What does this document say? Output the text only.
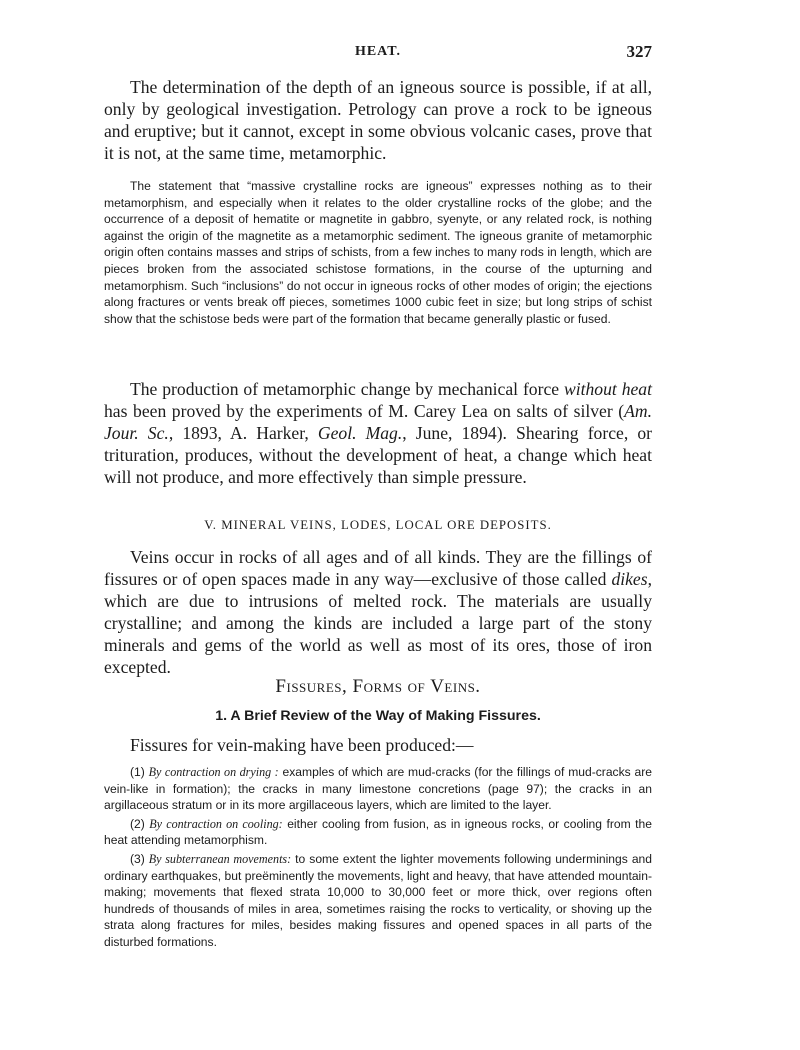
HEAT.	327

The determination of the depth of an igneous source is possible, if at all, only by geological investigation. Petrology can prove a rock to be igneous and eruptive; but it cannot, except in some obvious volcanic cases, prove that it is not, at the same time, metamorphic.

The statement that “massive crystalline rocks are igneous” expresses nothing as to their metamorphism, and especially when it relates to the older crystalline rocks of the globe; and the occurrence of a deposit of hematite or magnetite in gabbro, syenyte, or any related rock, is nothing against the origin of the magnetite as a metamorphic sediment. The igneous granite of metamorphic origin often contains masses and strips of schists, from a few inches to many rods in length, which are pieces broken from the associated schistose formations, in the course of the upturning and metamorphism. Such “inclusions” do not occur in igneous rocks of other modes of origin; the ejections along fractures or vents break off pieces, sometimes 1000 cubic feet in size; but long strips of schist show that the schistose beds were part of the formation that became generally plastic or fused.

The production of metamorphic change by mechanical force without heat has been proved by the experiments of M. Carey Lea on salts of silver (Am. Jour. Sc., 1893, A. Harker, Geol. Mag., June, 1894). Shearing force, or trituration, produces, without the development of heat, a change which heat will not produce, and more effectively than simple pressure.

V. MINERAL VEINS, LODES, LOCAL ORE DEPOSITS.

Veins occur in rocks of all ages and of all kinds. They are the fillings of fissures or of open spaces made in any way—exclusive of those called dikes, which are due to intrusions of melted rock. The materials are usually crystalline; and among the kinds are included a large part of the stony minerals and gems of the world as well as most of its ores, those of iron excepted.

Fissures, Forms of Veins.
1. A Brief Review of the Way of Making Fissures.

Fissures for vein-making have been produced:—

(1) By contraction on drying : examples of which are mud-cracks (for the fillings of mud-cracks are vein-like in formation); the cracks in many limestone concretions (page 97); the cracks in an argillaceous stratum or in its more argillaceous layers, which are limited to the layer.

(2) By contraction on cooling: either cooling from fusion, as in igneous rocks, or cooling from the heat attending metamorphism.

(3) By subterranean movements: to some extent the lighter movements following underminings and ordinary earthquakes, but preëminently the movements, light and heavy, that have attended mountain-making; movements that flexed strata 10,000 to 30,000 feet or more thick, over regions often hundreds of thousands of miles in area, sometimes raising the rocks to verticality, or shoving up the strata along fractures for miles, besides making fissures and opened spaces in all parts of the disturbed formations.
